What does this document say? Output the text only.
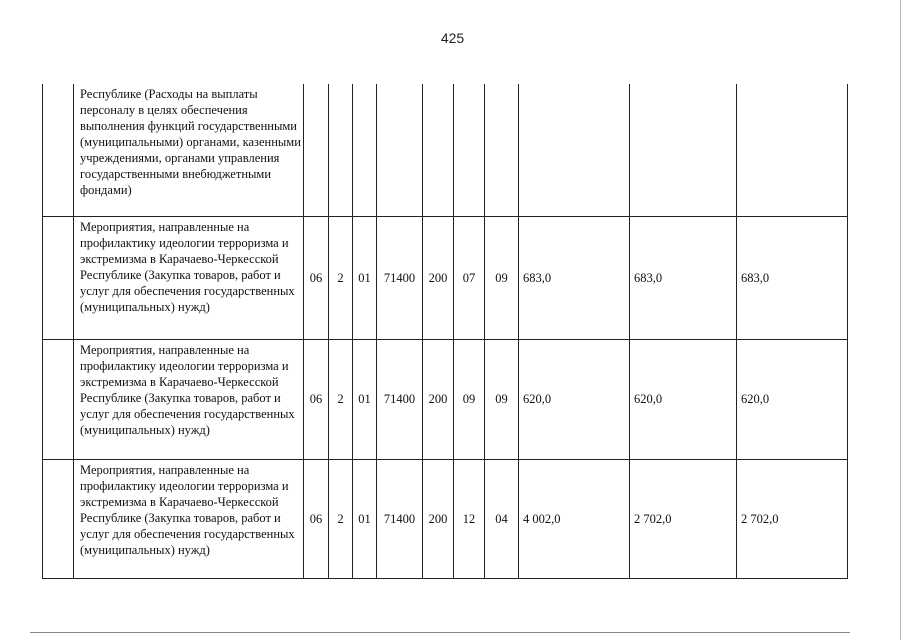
425

	Республике (Расходы на выплаты персоналу в целях обеспечения выполнения функций государственными (муниципальными) органами, казенными учреждениями, органами управления государственными внебюджетными фондами)										

	Мероприятия, направленные на профилактику идеологии терроризма и экстремизма в Карачаево-Черкесской Республике (Закупка товаров, работ и услуг для обеспечения государственных (муниципальных) нужд)	06	2	01	71400	200	07	09	683,0	683,0	683,0

	Мероприятия, направленные на профилактику идеологии терроризма и экстремизма в Карачаево-Черкесской Республике (Закупка товаров, работ и услуг для обеспечения государственных (муниципальных) нужд)	06	2	01	71400	200	09	09	620,0	620,0	620,0

	Мероприятия, направленные на профилактику идеологии терроризма и экстремизма в Карачаево-Черкесской Республике (Закупка товаров, работ и услуг для обеспечения государственных (муниципальных) нужд)	06	2	01	71400	200	12	04	4 002,0	2 702,0	2 702,0
